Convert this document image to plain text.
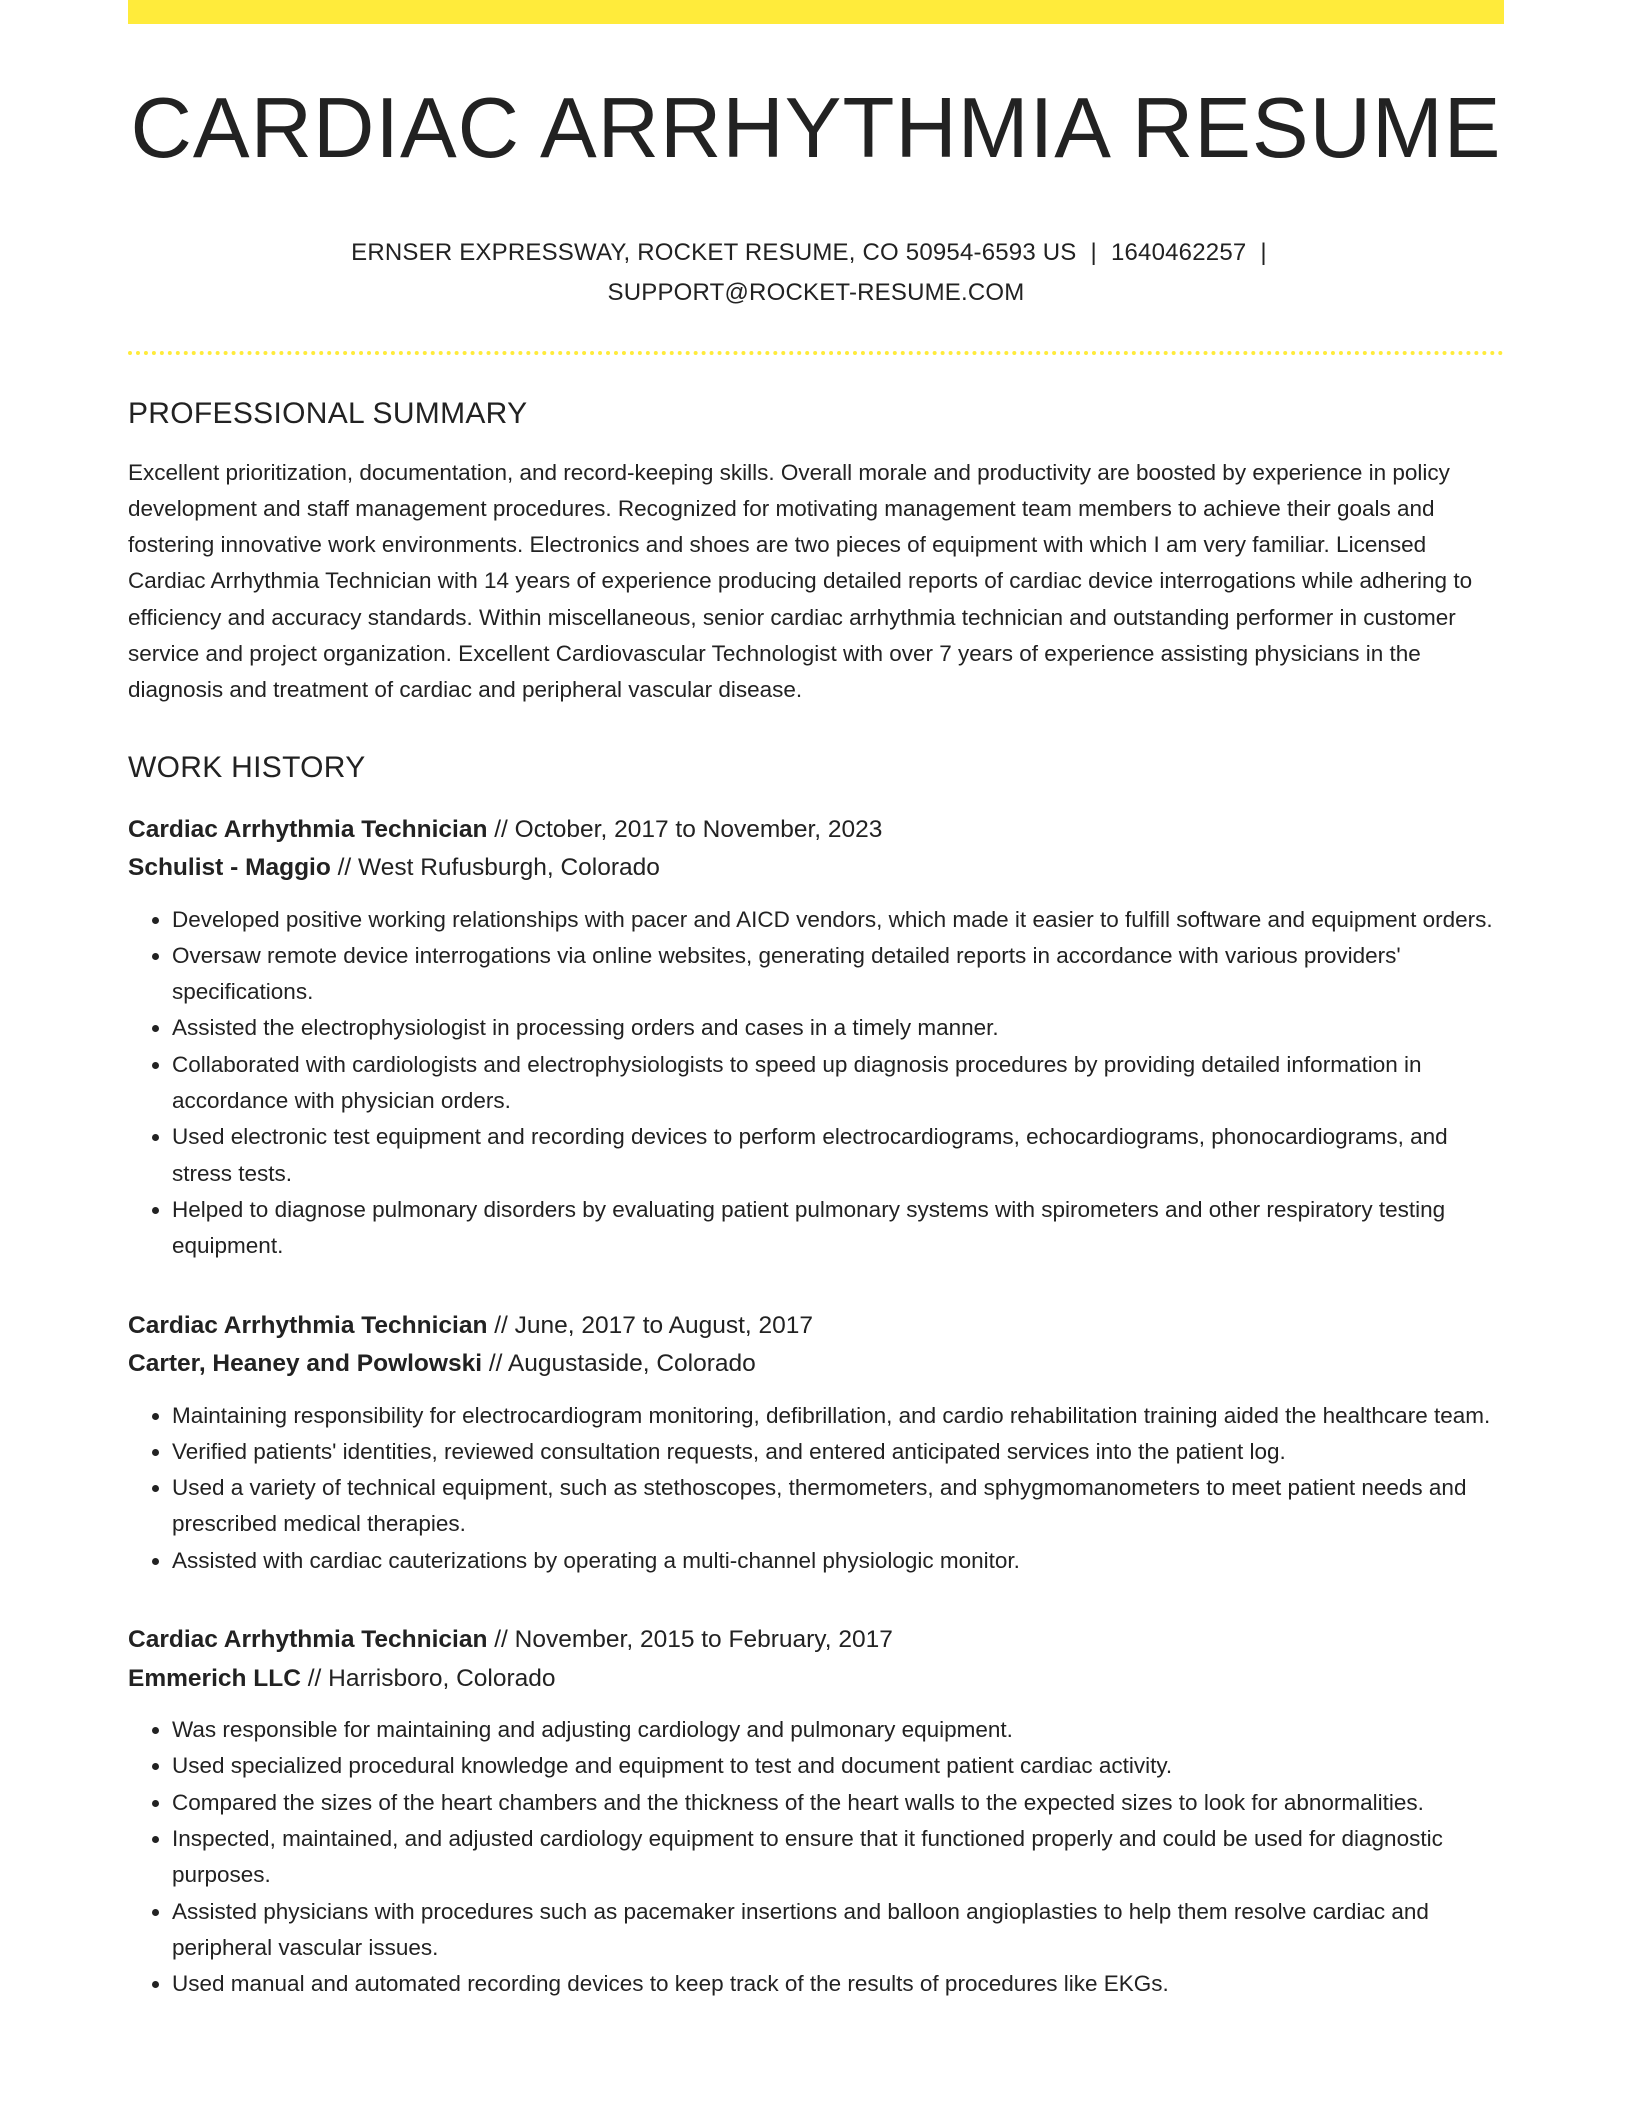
CARDIAC ARRHYTHMIA RESUME
ERNSER EXPRESSWAY, ROCKET RESUME, CO 50954-6593 US | 1640462257 |
SUPPORT@ROCKET-RESUME.COM
PROFESSIONAL SUMMARY

Excellent prioritization, documentation, and record-keeping skills. Overall morale and productivity are boosted by experience in policy development and staff management procedures. Recognized for motivating management team members to achieve their goals and fostering innovative work environments. Electronics and shoes are two pieces of equipment with which I am very familiar. Licensed Cardiac Arrhythmia Technician with 14 years of experience producing detailed reports of cardiac device interrogations while adhering to efficiency and accuracy standards. Within miscellaneous, senior cardiac arrhythmia technician and outstanding performer in customer service and project organization. Excellent Cardiovascular Technologist with over 7 years of experience assisting physicians in the diagnosis and treatment of cardiac and peripheral vascular disease.

WORK HISTORY
Cardiac Arrhythmia Technician // October, 2017 to November, 2023
Schulist - Maggio // West Rufusburgh, Colorado
• Developed positive working relationships with pacer and AICD vendors, which made it easier to fulfill software and equipment orders.
• Oversaw remote device interrogations via online websites, generating detailed reports in accordance with various providers' specifications.
• Assisted the electrophysiologist in processing orders and cases in a timely manner.
• Collaborated with cardiologists and electrophysiologists to speed up diagnosis procedures by providing detailed information in accordance with physician orders.
• Used electronic test equipment and recording devices to perform electrocardiograms, echocardiograms, phonocardiograms, and stress tests.
• Helped to diagnose pulmonary disorders by evaluating patient pulmonary systems with spirometers and other respiratory testing equipment.
Cardiac Arrhythmia Technician // June, 2017 to August, 2017
Carter, Heaney and Powlowski // Augustaside, Colorado
• Maintaining responsibility for electrocardiogram monitoring, defibrillation, and cardio rehabilitation training aided the healthcare team.
• Verified patients' identities, reviewed consultation requests, and entered anticipated services into the patient log.
• Used a variety of technical equipment, such as stethoscopes, thermometers, and sphygmomanometers to meet patient needs and prescribed medical therapies.
• Assisted with cardiac cauterizations by operating a multi-channel physiologic monitor.
Cardiac Arrhythmia Technician // November, 2015 to February, 2017
Emmerich LLC // Harrisboro, Colorado
• Was responsible for maintaining and adjusting cardiology and pulmonary equipment.
• Used specialized procedural knowledge and equipment to test and document patient cardiac activity.
• Compared the sizes of the heart chambers and the thickness of the heart walls to the expected sizes to look for abnormalities.
• Inspected, maintained, and adjusted cardiology equipment to ensure that it functioned properly and could be used for diagnostic purposes.
• Assisted physicians with procedures such as pacemaker insertions and balloon angioplasties to help them resolve cardiac and peripheral vascular issues.
• Used manual and automated recording devices to keep track of the results of procedures like EKGs.
